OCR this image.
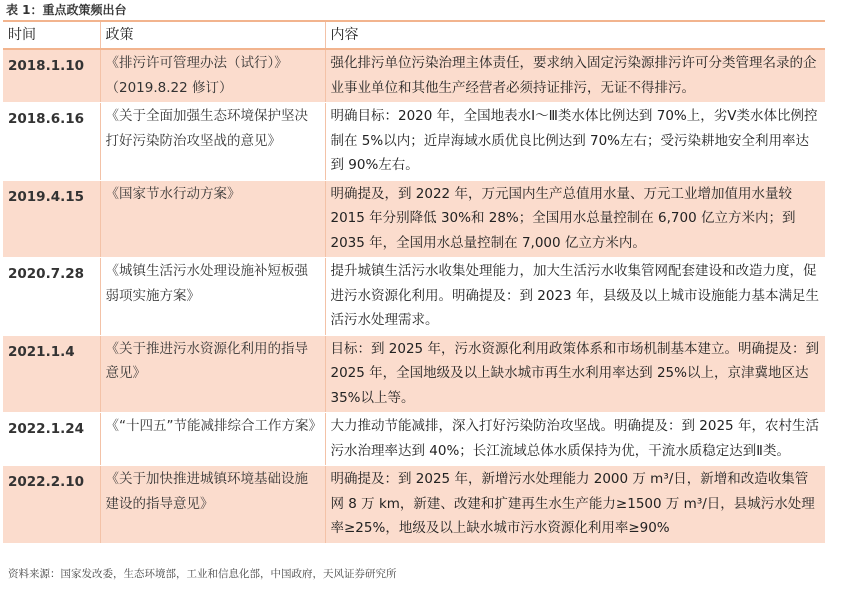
表 1：重点政策频出台
时间	政策	内容
2018.1.10	《排污许可管理办法（试行）》（2019.8.22 修订）	强化排污单位污染治理主体责任，要求纳入固定污染源排污许可分类管理名录的企业事业单位和其他生产经营者必须持证排污，无证不得排污。
2018.6.16	《关于全面加强生态环境保护坚决打好污染防治攻坚战的意见》	明确目标：2020 年，全国地表水Ⅰ～Ⅲ类水体比例达到 70%上，劣Ⅴ类水体比例控制在 5%以内；近岸海域水质优良比例达到 70%左右；受污染耕地安全利用率达到 90%左右。
2019.4.15	《国家节水行动方案》	明确提及，到 2022 年，万元国内生产总值用水量、万元工业增加值用水量较 2015 年分别降低 30%和 28%；全国用水总量控制在 6,700 亿立方米内；到 2035 年，全国用水总量控制在 7,000 亿立方米内。
2020.7.28	《城镇生活污水处理设施补短板强弱项实施方案》	提升城镇生活污水收集处理能力，加大生活污水收集管网配套建设和改造力度，促进污水资源化利用。明确提及：到 2023 年，县级及以上城市设施能力基本满足生活污水处理需求。
2021.1.4	《关于推进污水资源化利用的指导意见》	目标：到 2025 年，污水资源化利用政策体系和市场机制基本建立。明确提及：到 2025 年，全国地级及以上缺水城市再生水利用率达到 25%以上，京津冀地区达 35%以上等。
2022.1.24	《“十四五”节能减排综合工作方案》	大力推动节能减排，深入打好污染防治攻坚战。明确提及：到 2025 年，农村生活污水治理率达到 40%；长江流域总体水质保持为优，干流水质稳定达到Ⅱ类。
2022.2.10	《关于加快推进城镇环境基础设施建设的指导意见》	明确提及：到 2025 年，新增污水处理能力 2000 万 m³/日，新增和改造收集管网 8 万 km，新建、改建和扩建再生水生产能力≥1500 万 m³/日，县城污水处理率≥25%，地级及以上缺水城市污水资源化利用率≥90%
资料来源：国家发改委，生态环境部，工业和信息化部，中国政府，天风证券研究所
